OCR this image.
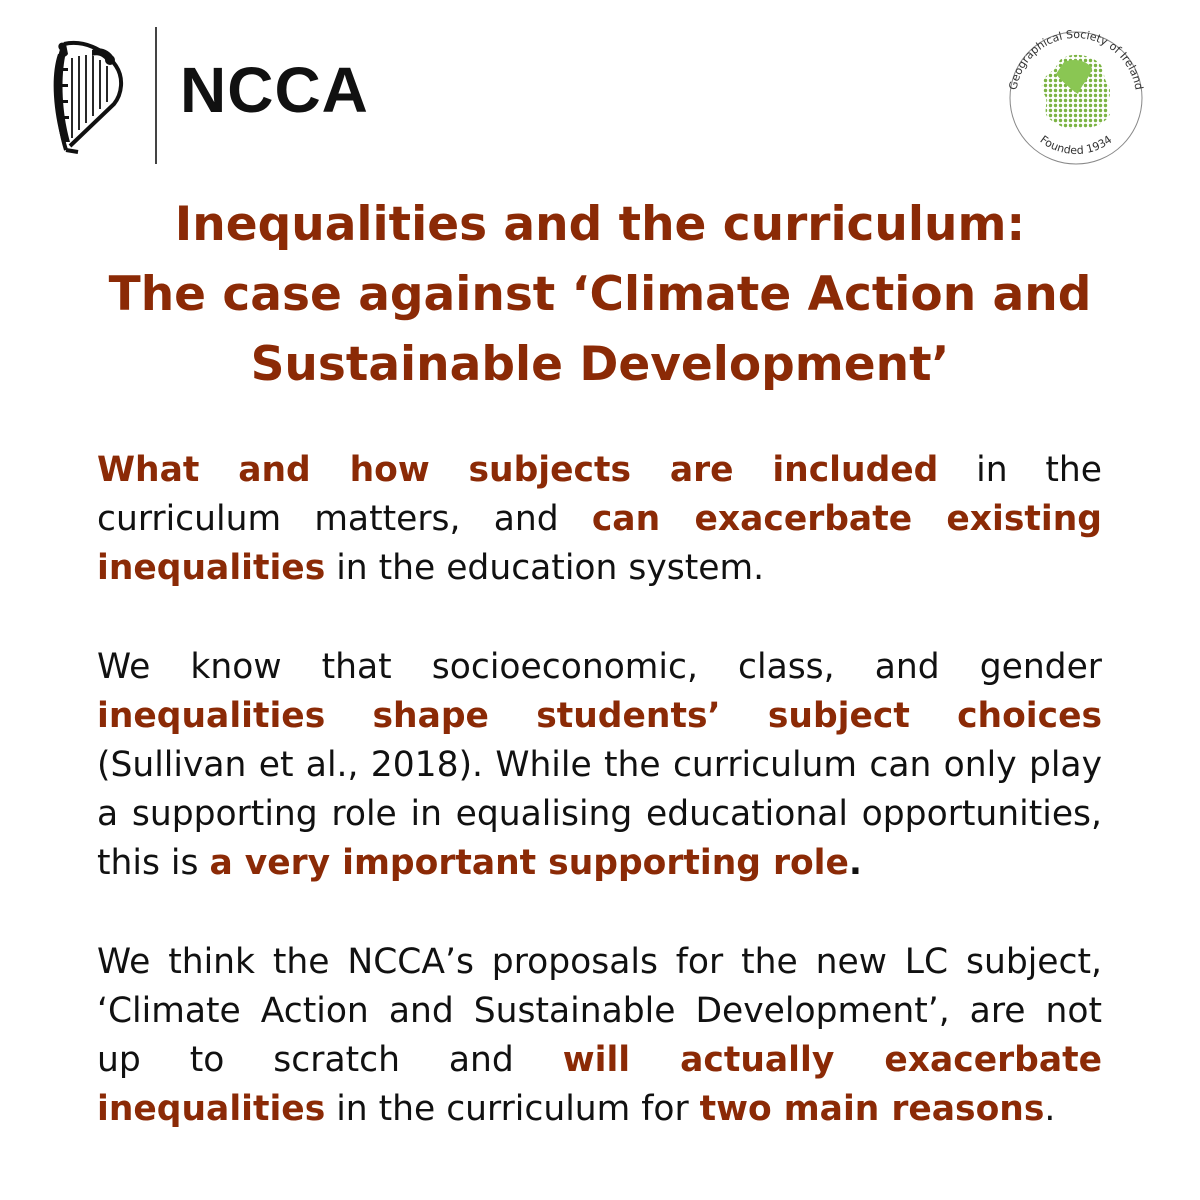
NCCA	Geographical Society of Ireland
Founded 1934
Inequalities and the curriculum:
The case against ‘Climate Action and
Sustainable Development’

What and how subjects are included in the curriculum matters, and can exacerbate existing inequalities in the education system.

We know that socioeconomic, class, and gender inequalities shape students’ subject choices (Sullivan et al., 2018). While the curriculum can only play a supporting role in equalising educational opportunities, this is a very important supporting role.

We think the NCCA’s proposals for the new LC subject, ‘Climate Action and Sustainable Development’, are not up to scratch and will actually exacerbate inequalities in the curriculum for two main reasons.
